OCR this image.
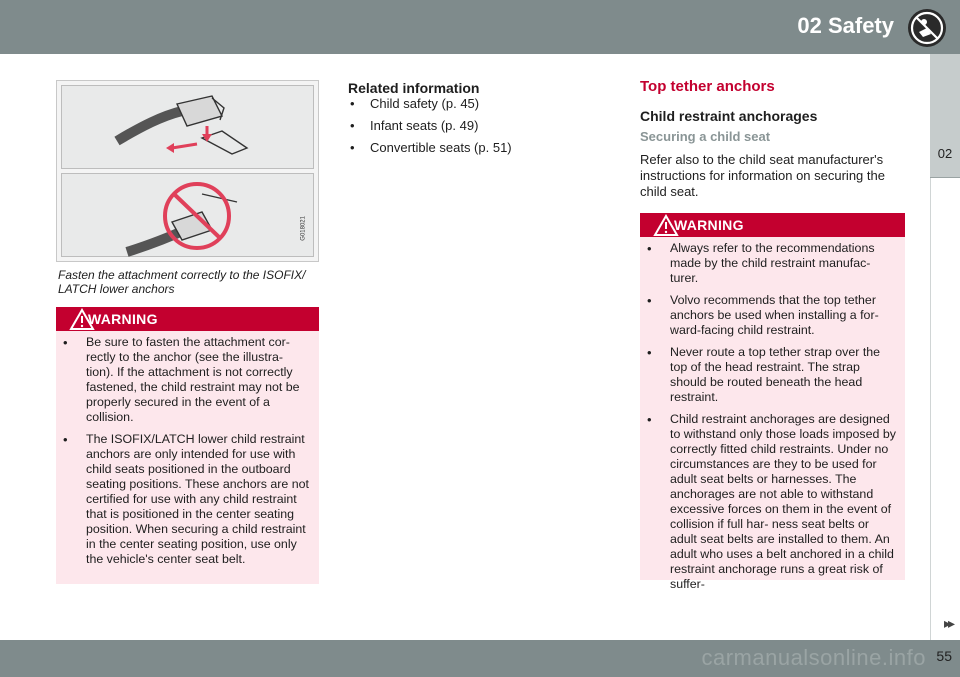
02 Safety
02
▸▸
55
carmanualsonline.info
G018021
Fasten the attachment correctly to the ISOFIX/ LATCH lower anchors
WARNING
• Be sure to fasten the attachment cor- rectly to the anchor (see the illustra- tion). If the attachment is not correctly fastened, the child restraint may not be properly secured in the event of a collision.
• The ISOFIX/LATCH lower child restraint anchors are only intended for use with child seats positioned in the outboard seating positions. These anchors are not certified for use with any child restraint that is positioned in the center seating position. When securing a child restraint in the center seating position, use only the vehicle's center seat belt.
Related information
• Child safety (p. 45)
• Infant seats (p. 49)
• Convertible seats (p. 51)
Top tether anchors
Child restraint anchorages
Securing a child seat
Refer also to the child seat manufacturer's instructions for information on securing the child seat.
WARNING
• Always refer to the recommendations made by the child restraint manufac- turer.
• Volvo recommends that the top tether anchors be used when installing a for- ward-facing child restraint.
• Never route a top tether strap over the top of the head restraint. The strap should be routed beneath the head restraint.
• Child restraint anchorages are designed to withstand only those loads imposed by correctly fitted child restraints. Under no circumstances are they to be used for adult seat belts or harnesses. The anchorages are not able to withstand excessive forces on them in the event of collision if full har- ness seat belts or adult seat belts are installed to them. An adult who uses a belt anchored in a child restraint anchorage runs a great risk of suffer-
